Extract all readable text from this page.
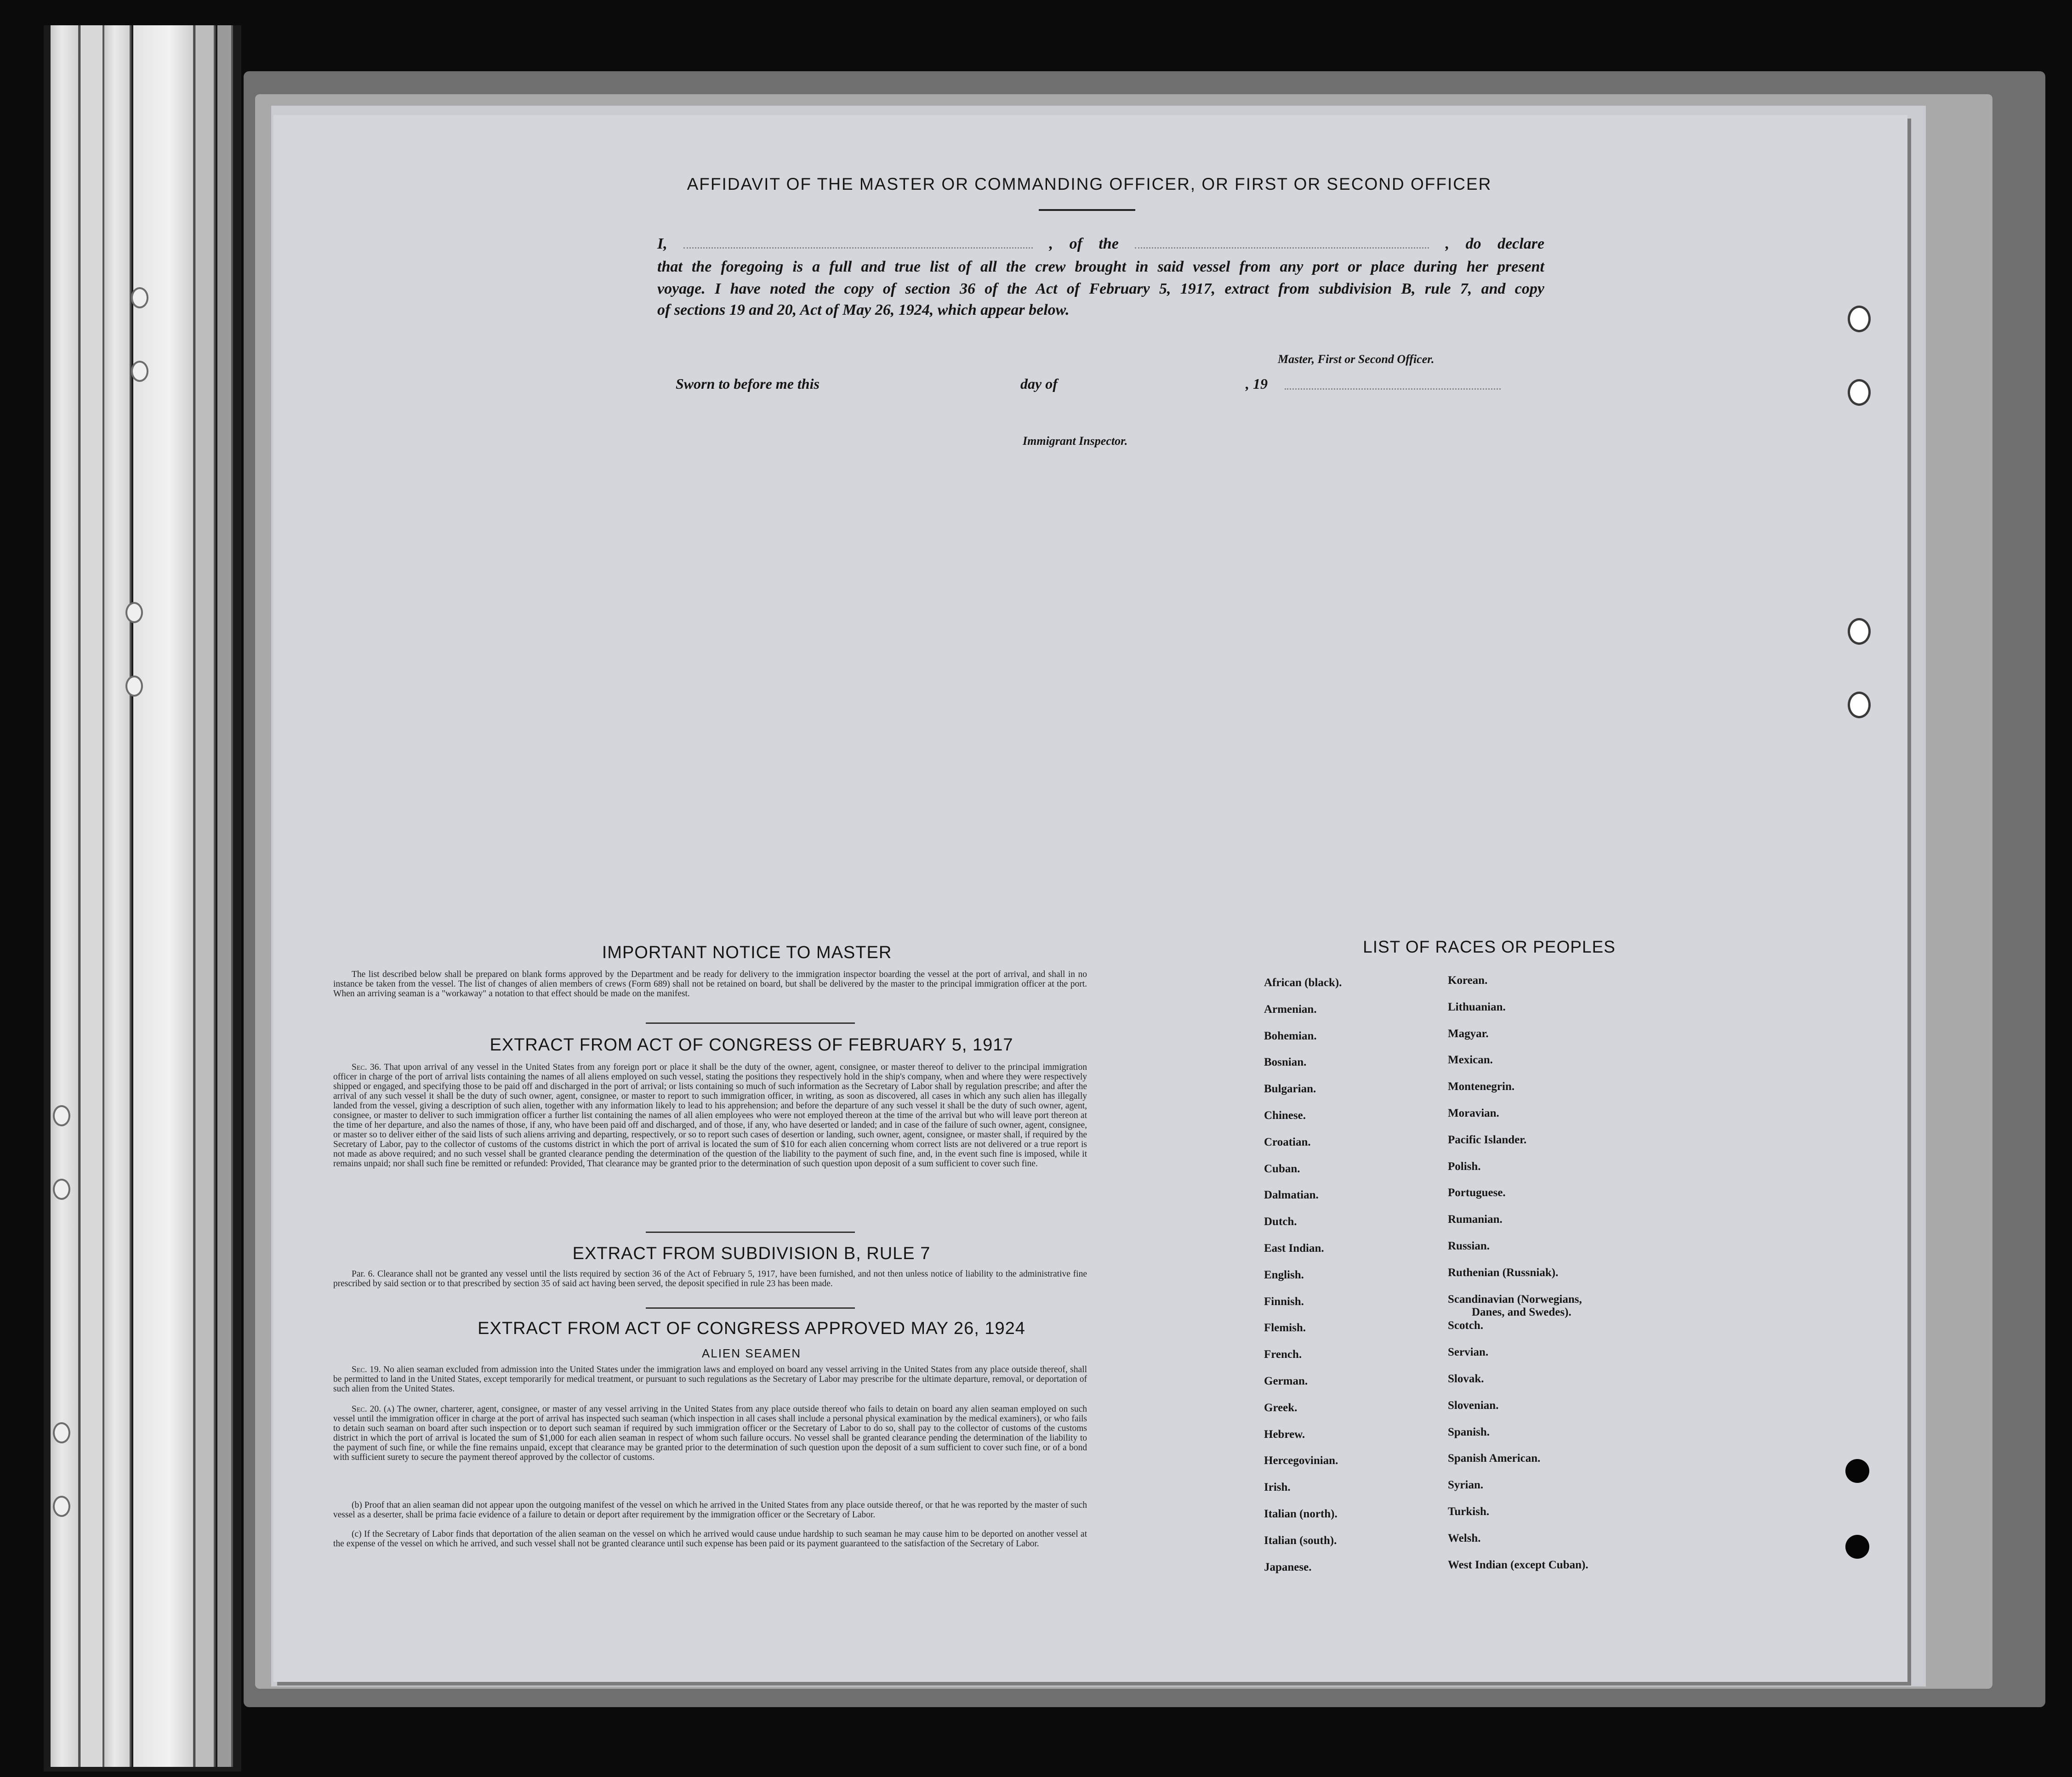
AFFIDAVIT OF THE MASTER OR COMMANDING OFFICER, OR FIRST OR SECOND OFFICER
I,	, of the	, do declare
that the foregoing is a full and true list of all the crew brought in said vessel from any port or place during her present
voyage. I have noted the copy of section 36 of the Act of February 5, 1917, extract from subdivision B, rule 7, and copy
of sections 19 and 20, Act of May 26, 1924, which appear below.
Master, First or Second Officer.
Sworn to before me this	day of	, 19
Immigrant Inspector.
IMPORTANT NOTICE TO MASTER
The list described below shall be prepared on blank forms approved by the Department and be ready for delivery to the immigration inspector boarding the vessel at the port of arrival, and shall in no instance be taken from the vessel. The list of changes of alien members of crews (Form 689) shall not be retained on board, but shall be delivered by the master to the principal immigration officer at the port. When an arriving seaman is a "workaway" a notation to that effect should be made on the manifest.
EXTRACT FROM ACT OF CONGRESS OF FEBRUARY 5, 1917
Sec. 36. That upon arrival of any vessel in the United States from any foreign port or place it shall be the duty of the owner, agent, consignee, or master thereof to deliver to the principal immigration officer in charge of the port of arrival lists containing the names of all aliens employed on such vessel, stating the positions they respectively hold in the ship's company, when and where they were respectively shipped or engaged, and specifying those to be paid off and discharged in the port of arrival; or lists containing so much of such information as the Secretary of Labor shall by regulation prescribe; and after the arrival of any such vessel it shall be the duty of such owner, agent, consignee, or master to report to such immigration officer, in writing, as soon as discovered, all cases in which any such alien has illegally landed from the vessel, giving a description of such alien, together with any information likely to lead to his apprehension; and before the departure of any such vessel it shall be the duty of such owner, agent, consignee, or master to deliver to such immigration officer a further list containing the names of all alien employees who were not employed thereon at the time of the arrival but who will leave port thereon at the time of her departure, and also the names of those, if any, who have been paid off and discharged, and of those, if any, who have deserted or landed; and in case of the failure of such owner, agent, consignee, or master so to deliver either of the said lists of such aliens arriving and departing, respectively, or so to report such cases of desertion or landing, such owner, agent, consignee, or master shall, if required by the Secretary of Labor, pay to the collector of customs of the customs district in which the port of arrival is located the sum of $10 for each alien concerning whom correct lists are not delivered or a true report is not made as above required; and no such vessel shall be granted clearance pending the determination of the question of the liability to the payment of such fine, and, in the event such fine is imposed, while it remains unpaid; nor shall such fine be remitted or refunded: Provided, That clearance may be granted prior to the determination of such question upon deposit of a sum sufficient to cover such fine.
EXTRACT FROM SUBDIVISION B, RULE 7
Par. 6. Clearance shall not be granted any vessel until the lists required by section 36 of the Act of February 5, 1917, have been furnished, and not then unless notice of liability to the administrative fine prescribed by said section or to that prescribed by section 35 of said act having been served, the deposit specified in rule 23 has been made.
EXTRACT FROM ACT OF CONGRESS APPROVED MAY 26, 1924
ALIEN SEAMEN
Sec. 19. No alien seaman excluded from admission into the United States under the immigration laws and employed on board any vessel arriving in the United States from any place outside thereof, shall be permitted to land in the United States, except temporarily for medical treatment, or pursuant to such regulations as the Secretary of Labor may prescribe for the ultimate departure, removal, or deportation of such alien from the United States.
Sec. 20. (a) The owner, charterer, agent, consignee, or master of any vessel arriving in the United States from any place outside thereof who fails to detain on board any alien seaman employed on such vessel until the immigration officer in charge at the port of arrival has inspected such seaman (which inspection in all cases shall include a personal physical examination by the medical examiners), or who fails to detain such seaman on board after such inspection or to deport such seaman if required by such immigration officer or the Secretary of Labor to do so, shall pay to the collector of customs of the customs district in which the port of arrival is located the sum of $1,000 for each alien seaman in respect of whom such failure occurs. No vessel shall be granted clearance pending the determination of the liability to the payment of such fine, or while the fine remains unpaid, except that clearance may be granted prior to the determination of such question upon the deposit of a sum sufficient to cover such fine, or of a bond with sufficient surety to secure the payment thereof approved by the collector of customs.
(b) Proof that an alien seaman did not appear upon the outgoing manifest of the vessel on which he arrived in the United States from any place outside thereof, or that he was reported by the master of such vessel as a deserter, shall be prima facie evidence of a failure to detain or deport after requirement by the immigration officer or the Secretary of Labor.
(c) If the Secretary of Labor finds that deportation of the alien seaman on the vessel on which he arrived would cause undue hardship to such seaman he may cause him to be deported on another vessel at the expense of the vessel on which he arrived, and such vessel shall not be granted clearance until such expense has been paid or its payment guaranteed to the satisfaction of the Secretary of Labor.
LIST OF RACES OR PEOPLES
African (black).
Armenian.
Bohemian.
Bosnian.
Bulgarian.
Chinese.
Croatian.
Cuban.
Dalmatian.
Dutch.
East Indian.
English.
Finnish.
Flemish.
French.
German.
Greek.
Hebrew.
Hercegovinian.
Irish.
Italian (north).
Italian (south).
Japanese.
Korean.
Lithuanian.
Magyar.
Mexican.
Montenegrin.
Moravian.
Pacific Islander.
Polish.
Portuguese.
Rumanian.
Russian.
Ruthenian (Russniak).
Scandinavian (Norwegians,
Danes, and Swedes).
Scotch.
Servian.
Slovak.
Slovenian.
Spanish.
Spanish American.
Syrian.
Turkish.
Welsh.
West Indian (except Cuban).
